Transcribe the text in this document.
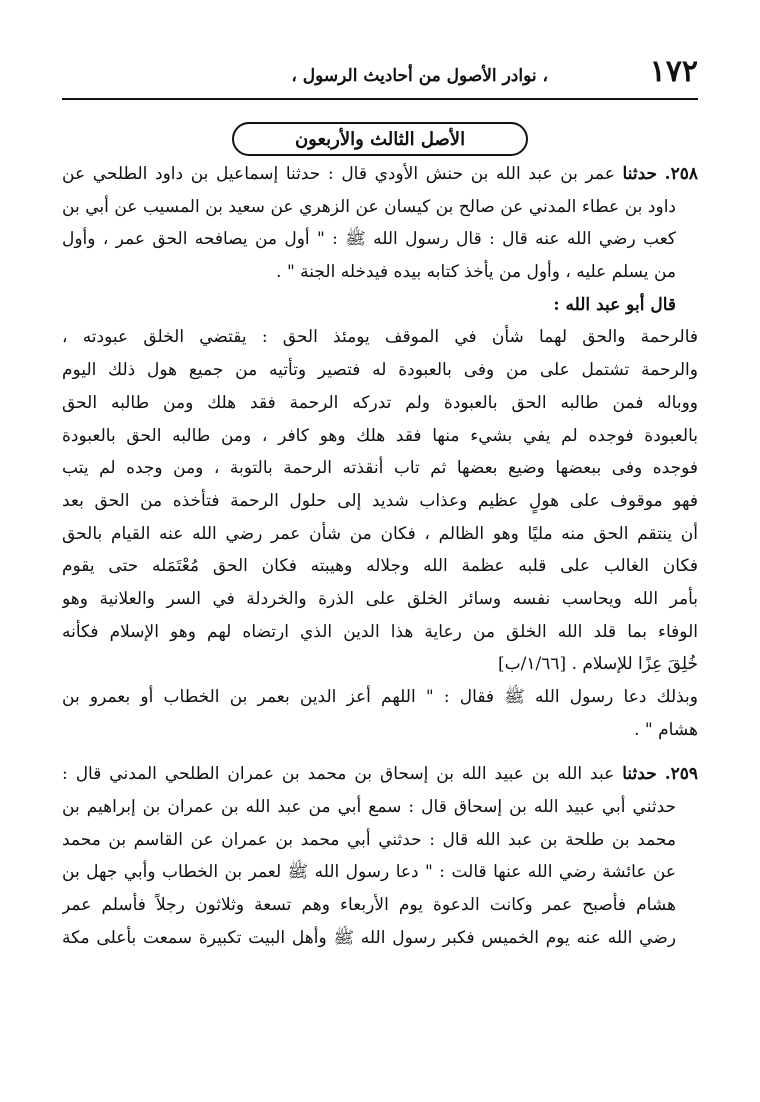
١٧٢
، نوادر الأصول من أحاديث الرسول ،
الأصل الثالث والأربعون
٢٥٨. حدثنا عمر بن عبد الله بن حنش الأودي قال : حدثنا إسماعيل بن داود الطلحي عن
داود بن عطاء المدني عن صالح بن كيسان عن الزهري عن سعيد بن المسيب عن أبي بن
كعب رضي الله عنه قال : قال رسول الله ﷺ : " أول من يصافحه الحق عمر ، وأول
من يسلم عليه ، وأول من يأخذ كتابه بيده فيدخله الجنة " .
قال أبو عبد الله :
فالرحمة والحق لهما شأن في الموقف يومئذ الحق : يقتضي الخلق عبودته ،
والرحمة تشتمل على من وفى بالعبودة له فتصير وتأتيه من جميع هول ذلك اليوم
ووباله فمن طالبه الحق بالعبودة ولم تدركه الرحمة فقد هلك ومن طالبه الحق
بالعبودة فوجده لم يفي بشيء منها فقد هلك وهو كافر ، ومن طالبه الحق بالعبودة
فوجده وفى ببعضها وضيع بعضها ثم تاب أنقذته الرحمة بالتوبة ، ومن وجده لم يتب
فهو موقوف على هولٍ عظيم وعذاب شديد إلى حلول الرحمة فتأخذه من الحق بعد
أن ينتقم الحق منه مليًا وهو الظالم ، فكان من شأن عمر رضي الله عنه القيام بالحق
فكان الغالب على قلبه عظمة الله وجلاله وهيبته فكان الحق مُعْتَمَله حتى يقوم
بأمر الله ويحاسب نفسه وسائر الخلق على الذرة والخردلة في السر والعلانية وهو
الوفاء بما قلد الله الخلق من رعاية هذا الدين الذي ارتضاه لهم وهو الإسلام فكأنه
خُلِقَ عِزًا للإسلام . [١/٦٦/ب]
وبذلك دعا رسول الله ﷺ فقال : " اللهم أعز الدين بعمر بن الخطاب أو بعمرو بن
هشام " .
٢٥٩. حدثنا عبد الله بن عبيد الله بن إسحاق بن محمد بن عمران الطلحي المدني قال :
حدثني أبي عبيد الله بن إسحاق قال : سمع أبي من عبد الله بن عمران بن إبراهيم بن
محمد بن طلحة بن عبد الله قال : حدثني أبي محمد بن عمران عن القاسم بن محمد
عن عائشة رضي الله عنها قالت : " دعا رسول الله ﷺ لعمر بن الخطاب وأبي جهل بن
هشام فأصبح عمر وكانت الدعوة يوم الأربعاء وهم تسعة وثلاثون رجلاً فأسلم عمر
رضي الله عنه يوم الخميس فكبر رسول الله ﷺ وأهل البيت تكبيرة سمعت بأعلى مكة
